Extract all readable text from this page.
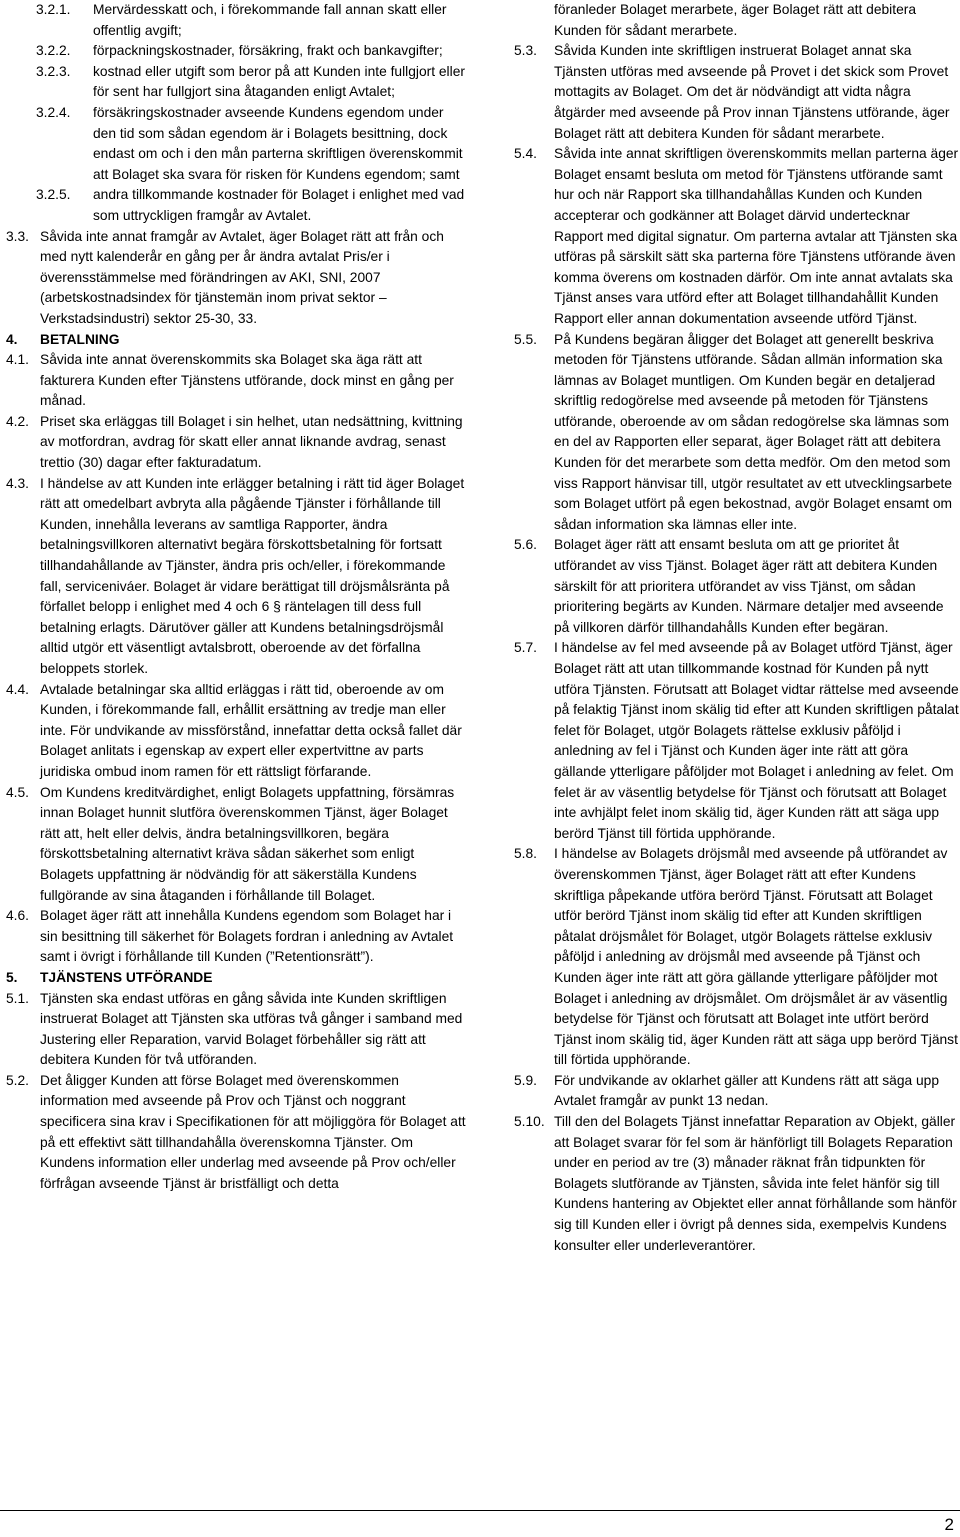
3.2.1. Mervärdesskatt och, i förekommande fall annan skatt eller offentlig avgift;
3.2.2. förpackningskostnader, försäkring, frakt och bankavgifter;
3.2.3. kostnad eller utgift som beror på att Kunden inte fullgjort eller för sent har fullgjort sina åtaganden enligt Avtalet;
3.2.4. försäkringskostnader avseende Kundens egendom under den tid som sådan egendom är i Bolagets besittning, dock endast om och i den mån parterna skriftligen överenskommit att Bolaget ska svara för risken för Kundens egendom; samt
3.2.5. andra tillkommande kostnader för Bolaget i enlighet med vad som uttryckligen framgår av Avtalet.
3.3. Såvida inte annat framgår av Avtalet, äger Bolaget rätt att från och med nytt kalenderår en gång per år ändra avtalat Pris/er i överensstämmelse med förändringen av AKI, SNI, 2007 (arbetskostnadsindex för tjänstemän inom privat sektor – Verkstadsindustri) sektor 25-30, 33.
4. BETALNING
4.1. Såvida inte annat överenskommits ska Bolaget ska äga rätt att fakturera Kunden efter Tjänstens utförande, dock minst en gång per månad.
4.2. Priset ska erläggas till Bolaget i sin helhet, utan nedsättning, kvittning av motfordran, avdrag för skatt eller annat liknande avdrag, senast trettio (30) dagar efter fakturadatum.
4.3. I händelse av att Kunden inte erlägger betalning i rätt tid äger Bolaget rätt att omedelbart avbryta alla pågående Tjänster i förhållande till Kunden, innehålla leverans av samtliga Rapporter, ändra betalningsvillkoren alternativt begära förskottsbetalning för fortsatt tillhandahållande av Tjänster, ändra pris och/eller, i förekommande fall, serviceniváer. Bolaget är vidare berättigat till dröjsmålsränta på förfallet belopp i enlighet med 4 och 6 § räntelagen till dess full betalning erlagts. Därutöver gäller att Kundens betalningsdröjsmål alltid utgör ett väsentligt avtalsbrott, oberoende av det förfallna beloppets storlek.
4.4. Avtalade betalningar ska alltid erläggas i rätt tid, oberoende av om Kunden, i förekommande fall, erhållit ersättning av tredje man eller inte. För undvikande av missförstånd, innefattar detta också fallet där Bolaget anlitats i egenskap av expert eller expertvittne av parts juridiska ombud inom ramen för ett rättsligt förfarande.
4.5. Om Kundens kreditvärdighet, enligt Bolagets uppfattning, försämras innan Bolaget hunnit slutföra överenskommen Tjänst, äger Bolaget rätt att, helt eller delvis, ändra betalningsvillkoren, begära förskottsbetalning alternativt kräva sådan säkerhet som enligt Bolagets uppfattning är nödvändig för att säkerställa Kundens fullgörande av sina åtaganden i förhållande till Bolaget.
4.6. Bolaget äger rätt att innehålla Kundens egendom som Bolaget har i sin besittning till säkerhet för Bolagets fordran i anledning av Avtalet samt i övrigt i förhållande till Kunden (”Retentionsrätt”).
5. TJÄNSTENS UTFÖRANDE
5.1. Tjänsten ska endast utföras en gång såvida inte Kunden skriftligen instruerat Bolaget att Tjänsten ska utföras två gånger i samband med Justering eller Reparation, varvid Bolaget förbehåller sig rätt att debitera Kunden för två utföranden.
5.2. Det åligger Kunden att förse Bolaget med överenskommen information med avseende på Prov och Tjänst och noggrant specificera sina krav i Specifikationen för att möjliggöra för Bolaget att på ett effektivt sätt tillhandahålla överenskomna Tjänster. Om Kundens information eller underlag med avseende på Prov och/eller förfrågan avseende Tjänst är bristfälligt och detta
föranleder Bolaget merarbete, äger Bolaget rätt att debitera Kunden för sådant merarbete.
5.3. Såvida Kunden inte skriftligen instruerat Bolaget annat ska Tjänsten utföras med avseende på Provet i det skick som Provet mottagits av Bolaget. Om det är nödvändigt att vidta några åtgärder med avseende på Prov innan Tjänstens utförande, äger Bolaget rätt att debitera Kunden för sådant merarbete.
5.4. Såvida inte annat skriftligen överenskommits mellan parterna äger Bolaget ensamt besluta om metod för Tjänstens utförande samt hur och när Rapport ska tillhandahållas Kunden och Kunden accepterar och godkänner att Bolaget därvid undertecknar Rapport med digital signatur. Om parterna avtalar att Tjänsten ska utföras på särskilt sätt ska parterna före Tjänstens utförande även komma överens om kostnaden därför. Om inte annat avtalats ska Tjänst anses vara utförd efter att Bolaget tillhandahållit Kunden Rapport eller annan dokumentation avseende utförd Tjänst.
5.5. På Kundens begäran åligger det Bolaget att generellt beskriva metoden för Tjänstens utförande. Sådan allmän information ska lämnas av Bolaget muntligen. Om Kunden begär en detaljerad skriftlig redogörelse med avseende på metoden för Tjänstens utförande, oberoende av om sådan redogörelse ska lämnas som en del av Rapporten eller separat, äger Bolaget rätt att debitera Kunden för det merarbete som detta medför. Om den metod som viss Rapport hänvisar till, utgör resultatet av ett utvecklingsarbete som Bolaget utfört på egen bekostnad, avgör Bolaget ensamt om sådan information ska lämnas eller inte.
5.6. Bolaget äger rätt att ensamt besluta om att ge prioritet åt utförandet av viss Tjänst. Bolaget äger rätt att debitera Kunden särskilt för att prioritera utförandet av viss Tjänst, om sådan prioritering begärts av Kunden. Närmare detaljer med avseende på villkoren därför tillhandahålls Kunden efter begäran.
5.7. I händelse av fel med avseende på av Bolaget utförd Tjänst, äger Bolaget rätt att utan tillkommande kostnad för Kunden på nytt utföra Tjänsten. Förutsatt att Bolaget vidtar rättelse med avseende på felaktig Tjänst inom skälig tid efter att Kunden skriftligen påtalat felet för Bolaget, utgör Bolagets rättelse exklusiv påföljd i anledning av fel i Tjänst och Kunden äger inte rätt att göra gällande ytterligare påföljder mot Bolaget i anledning av felet. Om felet är av väsentlig betydelse för Tjänst och förutsatt att Bolaget inte avhjälpt felet inom skälig tid, äger Kunden rätt att säga upp berörd Tjänst till förtida upphörande.
5.8. I händelse av Bolagets dröjsmål med avseende på utförandet av överenskommen Tjänst, äger Bolaget rätt att efter Kundens skriftliga påpekande utföra berörd Tjänst. Förutsatt att Bolaget utför berörd Tjänst inom skälig tid efter att Kunden skriftligen påtalat dröjsmålet för Bolaget, utgör Bolagets rättelse exklusiv påföljd i anledning av dröjsmål med avseende på Tjänst och Kunden äger inte rätt att göra gällande ytterligare påföljder mot Bolaget i anledning av dröjsmålet. Om dröjsmålet är av väsentlig betydelse för Tjänst och förutsatt att Bolaget inte utfört berörd Tjänst inom skälig tid, äger Kunden rätt att säga upp berörd Tjänst till förtida upphörande.
5.9. För undvikande av oklarhet gäller att Kundens rätt att säga upp Avtalet framgår av punkt 13 nedan.
5.10. Till den del Bolagets Tjänst innefattar Reparation av Objekt, gäller att Bolaget svarar för fel som är hänförligt till Bolagets Reparation under en period av tre (3) månader räknat från tidpunkten för Bolagets slutförande av Tjänsten, såvida inte felet hänför sig till Kundens hantering av Objektet eller annat förhållande som hänför sig till Kunden eller i övrigt på dennes sida, exempelvis Kundens konsulter eller underleverantörer.
2
